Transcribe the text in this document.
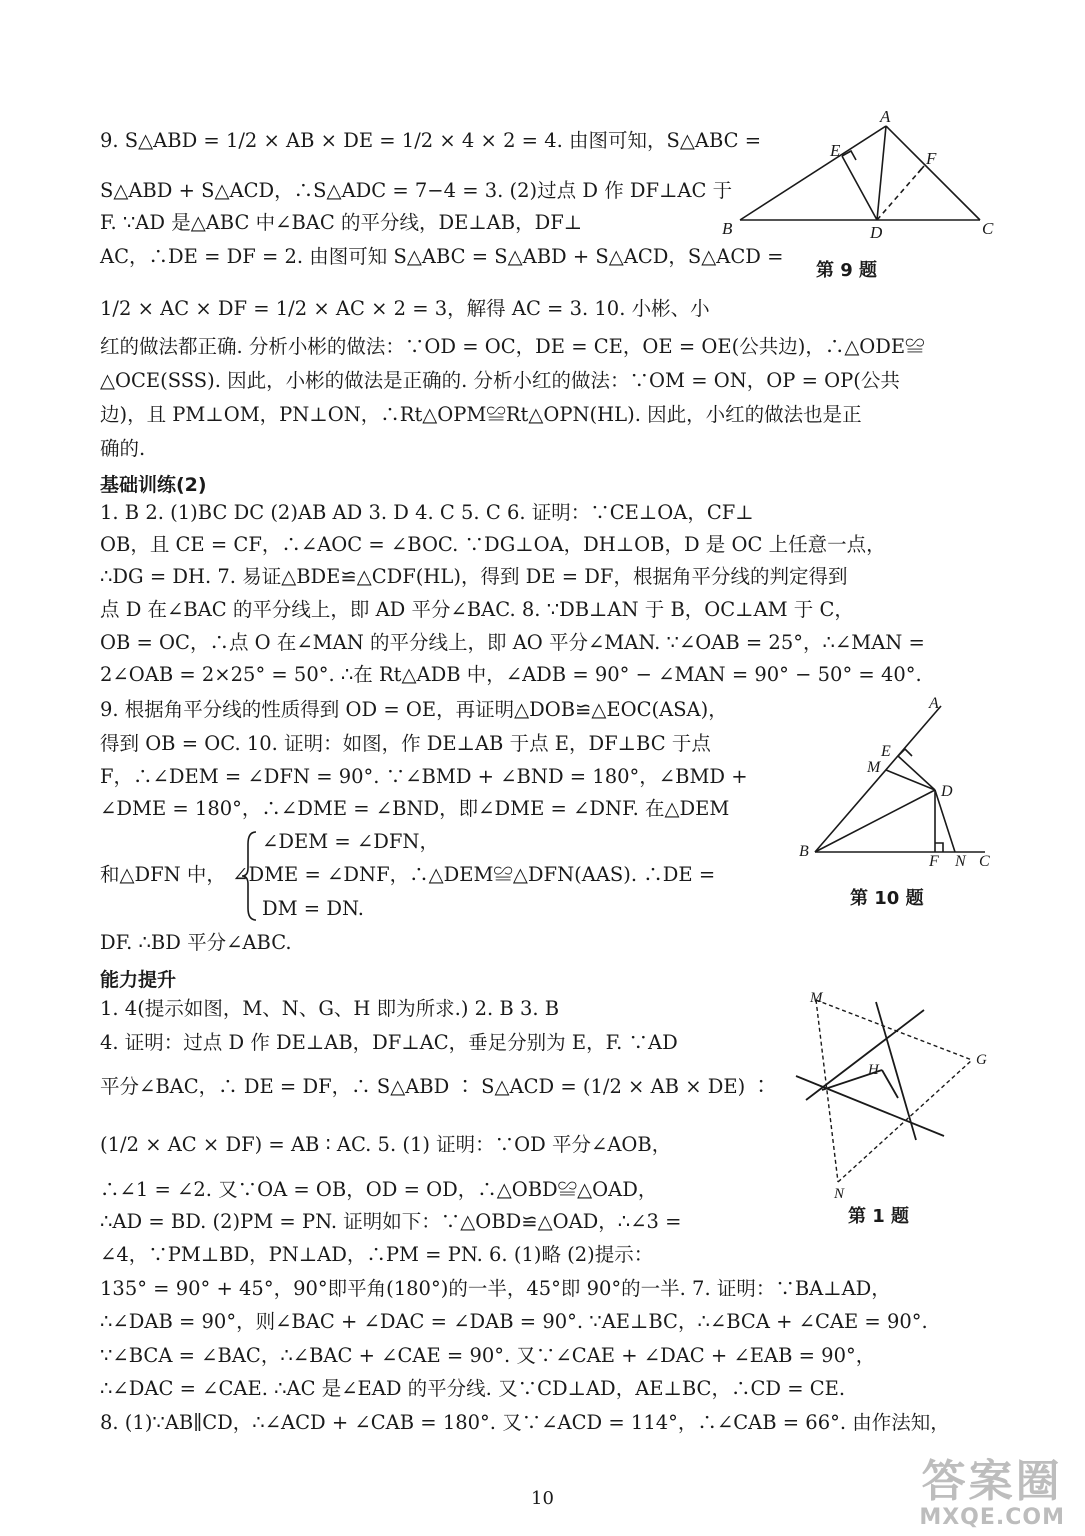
9. S△ABD = 1/2 × AB × DE = 1/2 × 4 × 2 = 4. 由图可知，S△ABC =
S△ABD + S△ACD，∴S△ADC = 7−4 = 3. (2)过点 D 作 DF⊥AC 于
F. ∵AD 是△ABC 中∠BAC 的平分线，DE⊥AB，DF⊥
AC，∴DE = DF = 2. 由图可知 S△ABC = S△ABD + S△ACD，S△ACD =
1/2 × AC × DF = 1/2 × AC × 2 = 3，解得 AC = 3. 10. 小彬、小
红的做法都正确. 分析小彬的做法：∵OD = OC，DE = CE，OE = OE(公共边)，∴△ODE≌
△OCE(SSS). 因此，小彬的做法是正确的. 分析小红的做法：∵OM = ON，OP = OP(公共
边)，且 PM⊥OM，PN⊥ON，∴Rt△OPM≌Rt△OPN(HL). 因此，小红的做法也是正
确的.
A
B	C
D
E	F
第 9 题
基础训练(2)
1. B 2. (1)BC DC (2)AB AD 3. D 4. C 5. C 6. 证明：∵CE⊥OA，CF⊥
OB，且 CE = CF，∴∠AOC = ∠BOC. ∵DG⊥OA，DH⊥OB，D 是 OC 上任意一点，
∴DG = DH. 7. 易证△BDE≌△CDF(HL)，得到 DE = DF，根据角平分线的判定得到
点 D 在∠BAC 的平分线上，即 AD 平分∠BAC. 8. ∵DB⊥AN 于 B，OC⊥AM 于 C，
OB = OC，∴点 O 在∠MAN 的平分线上，即 AO 平分∠MAN. ∵∠OAB = 25°，∴∠MAN =
2∠OAB = 2×25° = 50°. ∴在 Rt△ADB 中，∠ADB = 90° − ∠MAN = 90° − 50° = 40°.
9. 根据角平分线的性质得到 OD = OE，再证明△DOB≌△EOC(ASA)，
得到 OB = OC. 10. 证明：如图，作 DE⊥AB 于点 E，DF⊥BC 于点
F，∴∠DEM = ∠DFN = 90°. ∵∠BMD + ∠BND = 180°，∠BMD +
∠DME = 180°，∴∠DME = ∠BND，即∠DME = ∠DNF. 在△DEM
∠DEM = ∠DFN，
和△DFN 中， ∠DME = ∠DNF，∴△DEM≌△DFN(AAS). ∴DE =
DM = DN.
DF. ∴BD 平分∠ABC.
A
B
C
D
E
F
M
N
第 10 题
能力提升
1. 4(提示如图，M、N、G、H 即为所求.) 2. B 3. B
4. 证明：过点 D 作 DE⊥AB，DF⊥AC，垂足分别为 E，F. ∵AD
平分∠BAC，∴ DE = DF，∴ S△ABD ∶ S△ACD = (1/2 × AB × DE) ∶
(1/2 × AC × DF) = AB ∶ AC. 5. (1) 证明：∵OD 平分∠AOB，
∴∠1 = ∠2. 又∵OA = OB，OD = OD，∴△OBD≌△OAD，
∴AD = BD. (2)PM = PN. 证明如下：∵△OBD≌△OAD，∴∠3 =
∠4，∵PM⊥BD，PN⊥AD，∴PM = PN. 6. (1)略 (2)提示：
135° = 90° + 45°，90°即平角(180°)的一半，45°即 90°的一半. 7. 证明：∵BA⊥AD，
∴∠DAB = 90°，则∠BAC + ∠DAC = ∠DAB = 90°. ∵AE⊥BC，∴∠BCA + ∠CAE = 90°.
∵∠BCA = ∠BAC，∴∠BAC + ∠CAE = 90°. 又∵∠CAE + ∠DAC + ∠EAB = 90°，
∴∠DAC = ∠CAE. ∴AC 是∠EAD 的平分线. 又∵CD⊥AD，AE⊥BC，∴CD = CE.
8. (1)∵AB∥CD，∴∠ACD + ∠CAB = 180°. 又∵∠ACD = 114°，∴∠CAB = 66°. 由作法知，
M
N
G
H
第 1 题
10	答案圈
MXQE.COM
